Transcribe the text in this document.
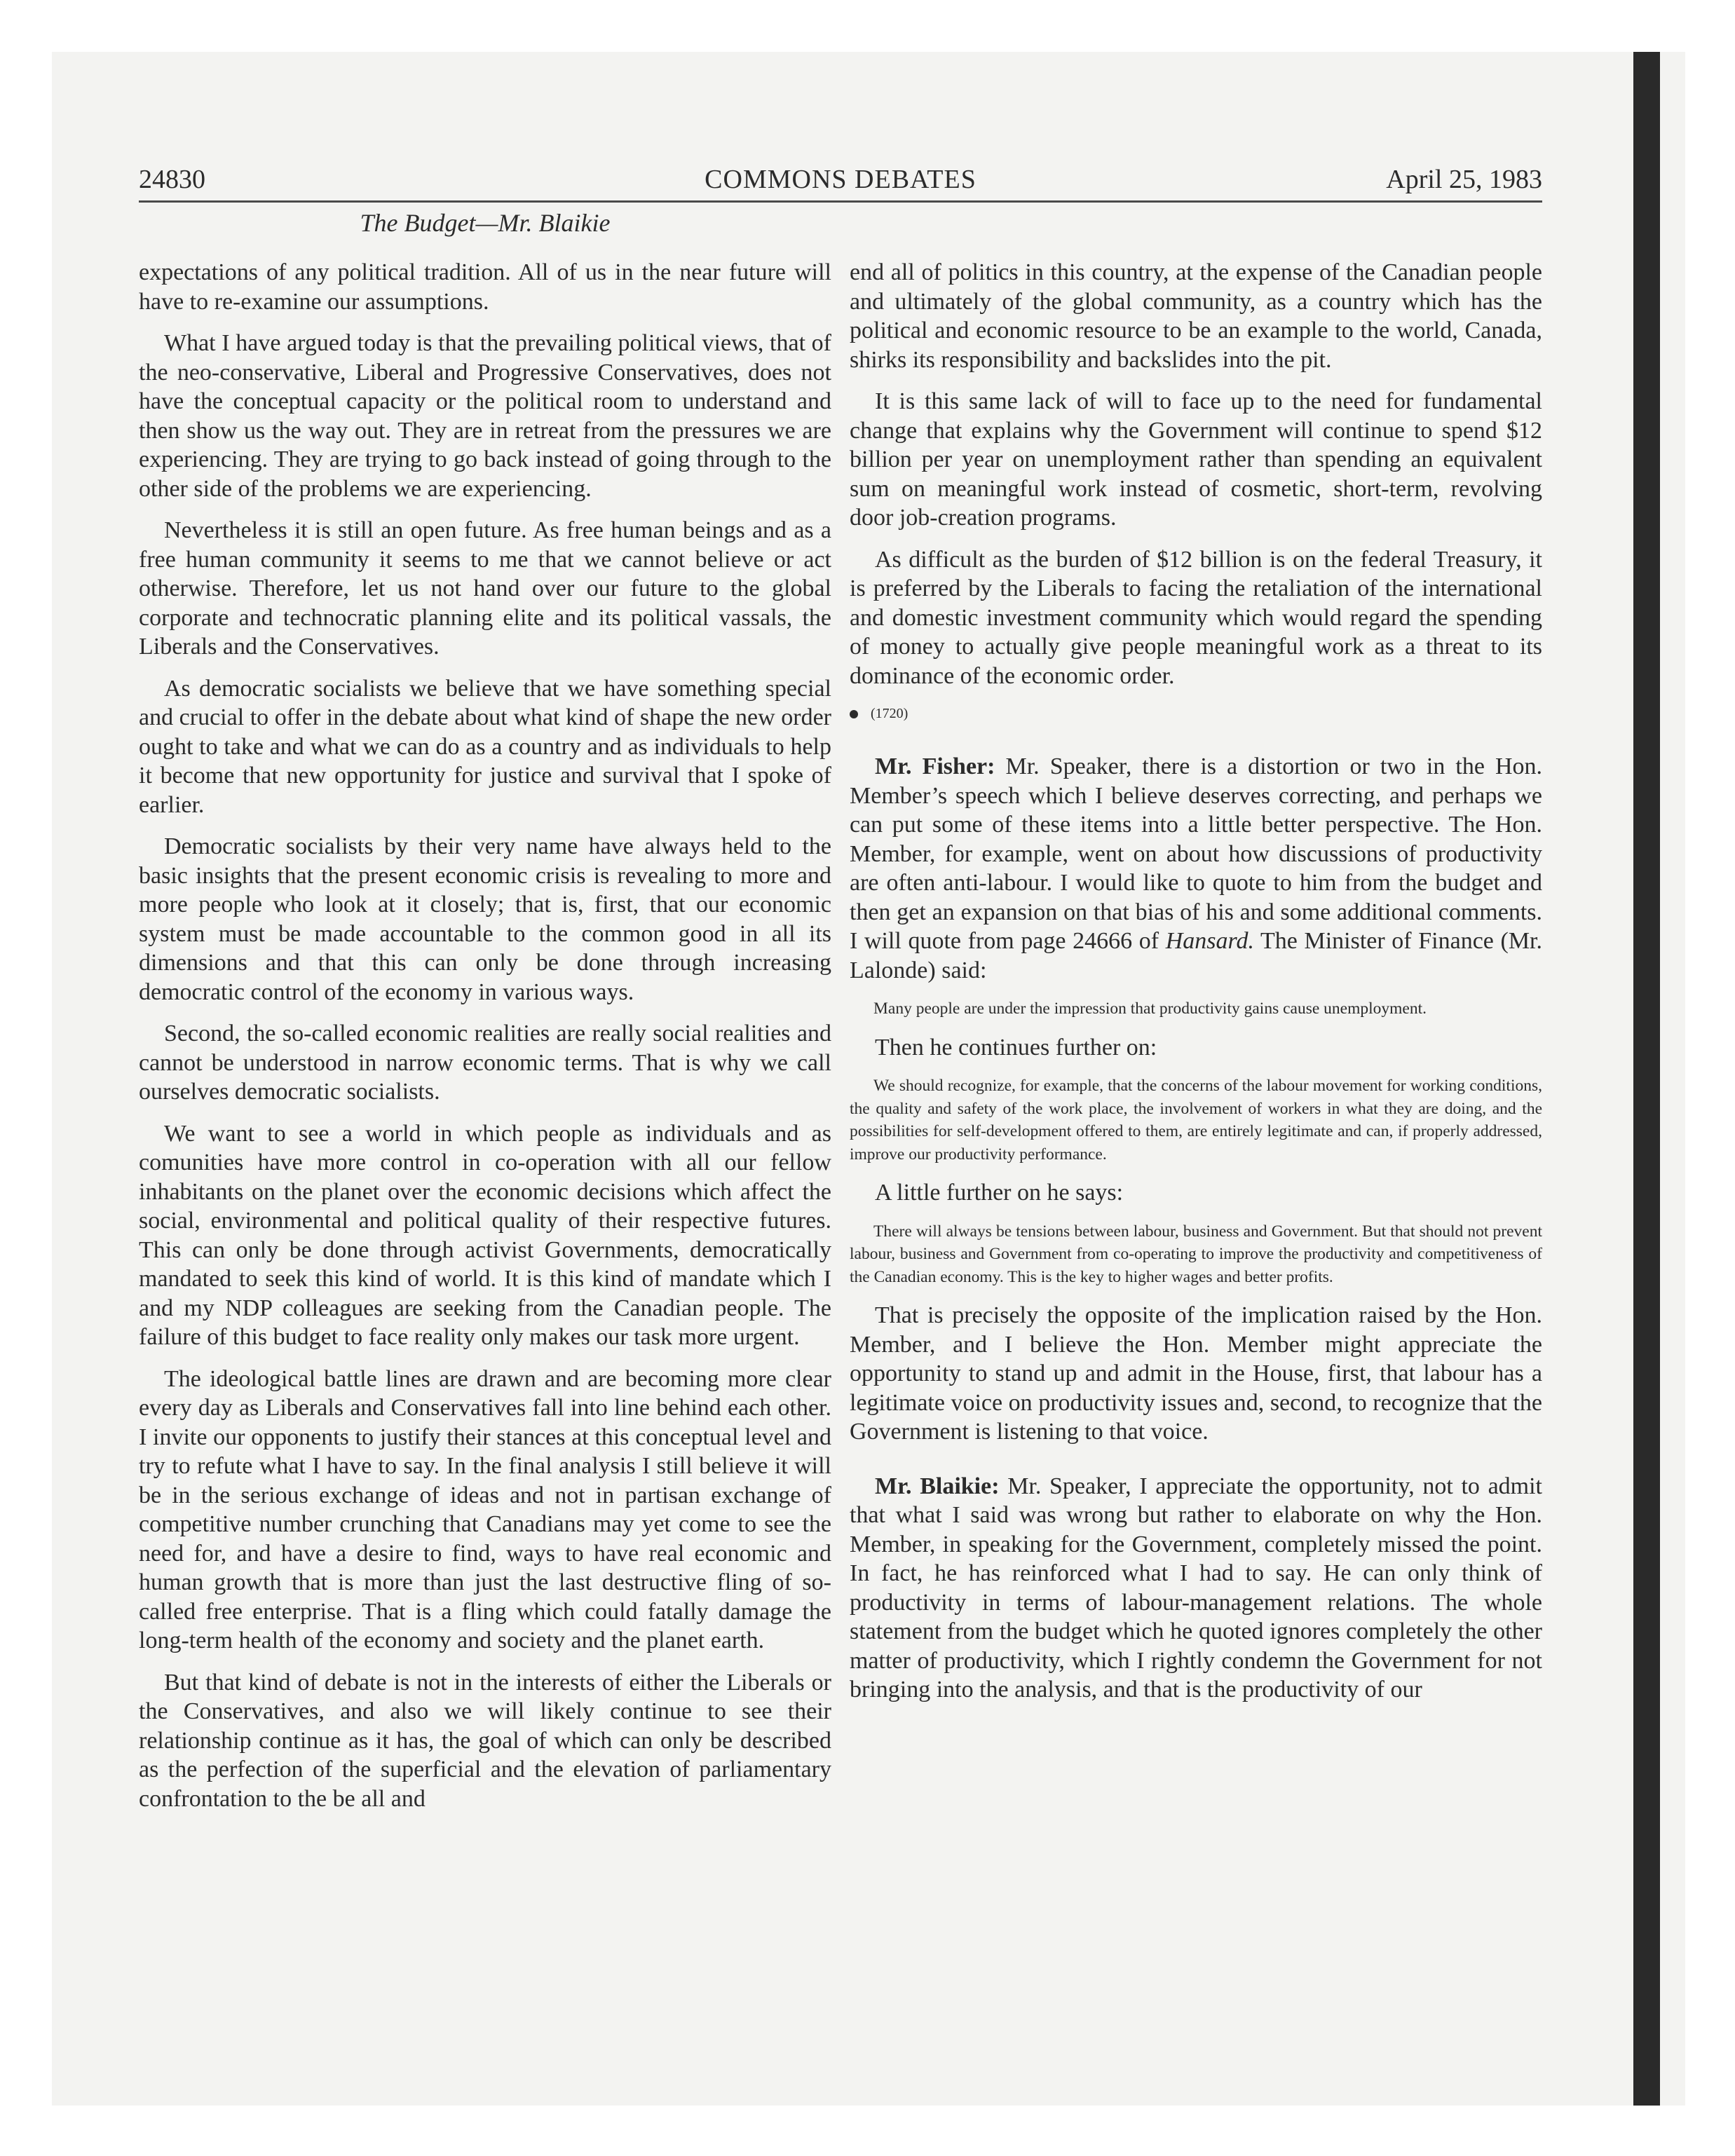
24830	COMMONS DEBATES	April 25, 1983
The Budget—Mr. Blaikie

expectations of any political tradition. All of us in the near future will have to re-examine our assumptions.

What I have argued today is that the prevailing political views, that of the neo-conservative, Liberal and Progressive Conservatives, does not have the conceptual capacity or the political room to understand and then show us the way out. They are in retreat from the pressures we are experiencing. They are trying to go back instead of going through to the other side of the problems we are experiencing.

Nevertheless it is still an open future. As free human beings and as a free human community it seems to me that we cannot believe or act otherwise. Therefore, let us not hand over our future to the global corporate and technocratic planning elite and its political vassals, the Liberals and the Conservatives.

As democratic socialists we believe that we have something special and crucial to offer in the debate about what kind of shape the new order ought to take and what we can do as a country and as individuals to help it become that new opportunity for justice and survival that I spoke of earlier.

Democratic socialists by their very name have always held to the basic insights that the present economic crisis is revealing to more and more people who look at it closely; that is, first, that our economic system must be made accountable to the common good in all its dimensions and that this can only be done through increasing democratic control of the economy in various ways.

Second, the so-called economic realities are really social realities and cannot be understood in narrow economic terms. That is why we call ourselves democratic socialists.

We want to see a world in which people as individuals and as comunities have more control in co-operation with all our fellow inhabitants on the planet over the economic decisions which affect the social, environmental and political quality of their respective futures. This can only be done through activist Governments, democratically mandated to seek this kind of world. It is this kind of mandate which I and my NDP colleagues are seeking from the Canadian people. The failure of this budget to face reality only makes our task more urgent.

The ideological battle lines are drawn and are becoming more clear every day as Liberals and Conservatives fall into line behind each other. I invite our opponents to justify their stances at this conceptual level and try to refute what I have to say. In the final analysis I still believe it will be in the serious exchange of ideas and not in partisan exchange of competitive number crunching that Canadians may yet come to see the need for, and have a desire to find, ways to have real economic and human growth that is more than just the last destructive fling of so-called free enterprise. That is a fling which could fatally damage the long-term health of the economy and society and the planet earth.

But that kind of debate is not in the interests of either the Liberals or the Conservatives, and also we will likely continue to see their relationship continue as it has, the goal of which can only be described as the perfection of the superficial and the elevation of parliamentary confrontation to the be all and

end all of politics in this country, at the expense of the Canadian people and ultimately of the global community, as a country which has the political and economic resource to be an example to the world, Canada, shirks its responsibility and backslides into the pit.

It is this same lack of will to face up to the need for fundamental change that explains why the Government will continue to spend $12 billion per year on unemployment rather than spending an equivalent sum on meaningful work instead of cosmetic, short-term, revolving door job-creation programs.

As difficult as the burden of $12 billion is on the federal Treasury, it is preferred by the Liberals to facing the retaliation of the international and domestic investment community which would regard the spending of money to actually give people meaningful work as a threat to its dominance of the economic order.

(1720)

Mr. Fisher: Mr. Speaker, there is a distortion or two in the Hon. Member’s speech which I believe deserves correcting, and perhaps we can put some of these items into a little better perspective. The Hon. Member, for example, went on about how discussions of productivity are often anti-labour. I would like to quote to him from the budget and then get an expansion on that bias of his and some additional comments. I will quote from page 24666 of Hansard. The Minister of Finance (Mr. Lalonde) said:

Many people are under the impression that productivity gains cause unemployment.

Then he continues further on:

We should recognize, for example, that the concerns of the labour movement for working conditions, the quality and safety of the work place, the involvement of workers in what they are doing, and the possibilities for self-development offered to them, are entirely legitimate and can, if properly addressed, improve our productivity performance.

A little further on he says:

There will always be tensions between labour, business and Government. But that should not prevent labour, business and Government from co-operating to improve the productivity and competitiveness of the Canadian economy. This is the key to higher wages and better profits.

That is precisely the opposite of the implication raised by the Hon. Member, and I believe the Hon. Member might appreciate the opportunity to stand up and admit in the House, first, that labour has a legitimate voice on productivity issues and, second, to recognize that the Government is listening to that voice.

Mr. Blaikie: Mr. Speaker, I appreciate the opportunity, not to admit that what I said was wrong but rather to elaborate on why the Hon. Member, in speaking for the Government, completely missed the point. In fact, he has reinforced what I had to say. He can only think of productivity in terms of labour-management relations. The whole statement from the budget which he quoted ignores completely the other matter of productivity, which I rightly condemn the Government for not bringing into the analysis, and that is the productivity of our
